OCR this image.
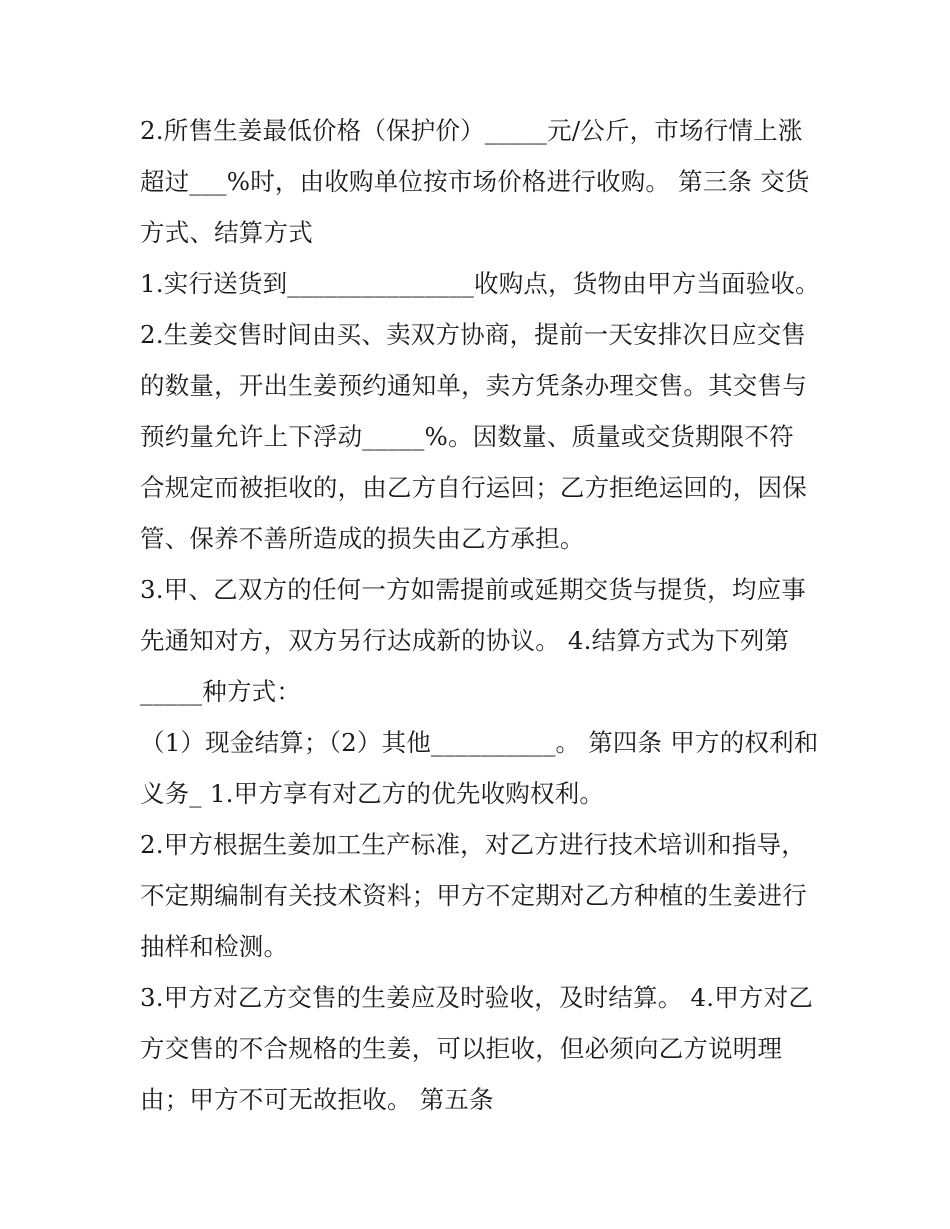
2.所售生姜最低价格（保护价）_____元/公斤，市场行情上涨
超过___%时，由收购单位按市场价格进行收购。 第三条 交货
方式、结算方式
1.实行送货到_______________收购点，货物由甲方当面验收。
2.生姜交售时间由买、卖双方协商，提前一天安排次日应交售
的数量，开出生姜预约通知单，卖方凭条办理交售。其交售与
预约量允许上下浮动_____%。因数量、质量或交货期限不符
合规定而被拒收的，由乙方自行运回；乙方拒绝运回的，因保
管、保养不善所造成的损失由乙方承担。
3.甲、乙双方的任何一方如需提前或延期交货与提货，均应事
先通知对方，双方另行达成新的协议。 4.结算方式为下列第
_____种方式：
（1）现金结算；（2）其他__________。 第四条 甲方的权利和
义务_ 1.甲方享有对乙方的优先收购权利。
2.甲方根据生姜加工生产标准，对乙方进行技术培训和指导，
不定期编制有关技术资料；甲方不定期对乙方种植的生姜进行
抽样和检测。
3.甲方对乙方交售的生姜应及时验收，及时结算。 4.甲方对乙
方交售的不合规格的生姜，可以拒收，但必须向乙方说明理
由；甲方不可无故拒收。 第五条
